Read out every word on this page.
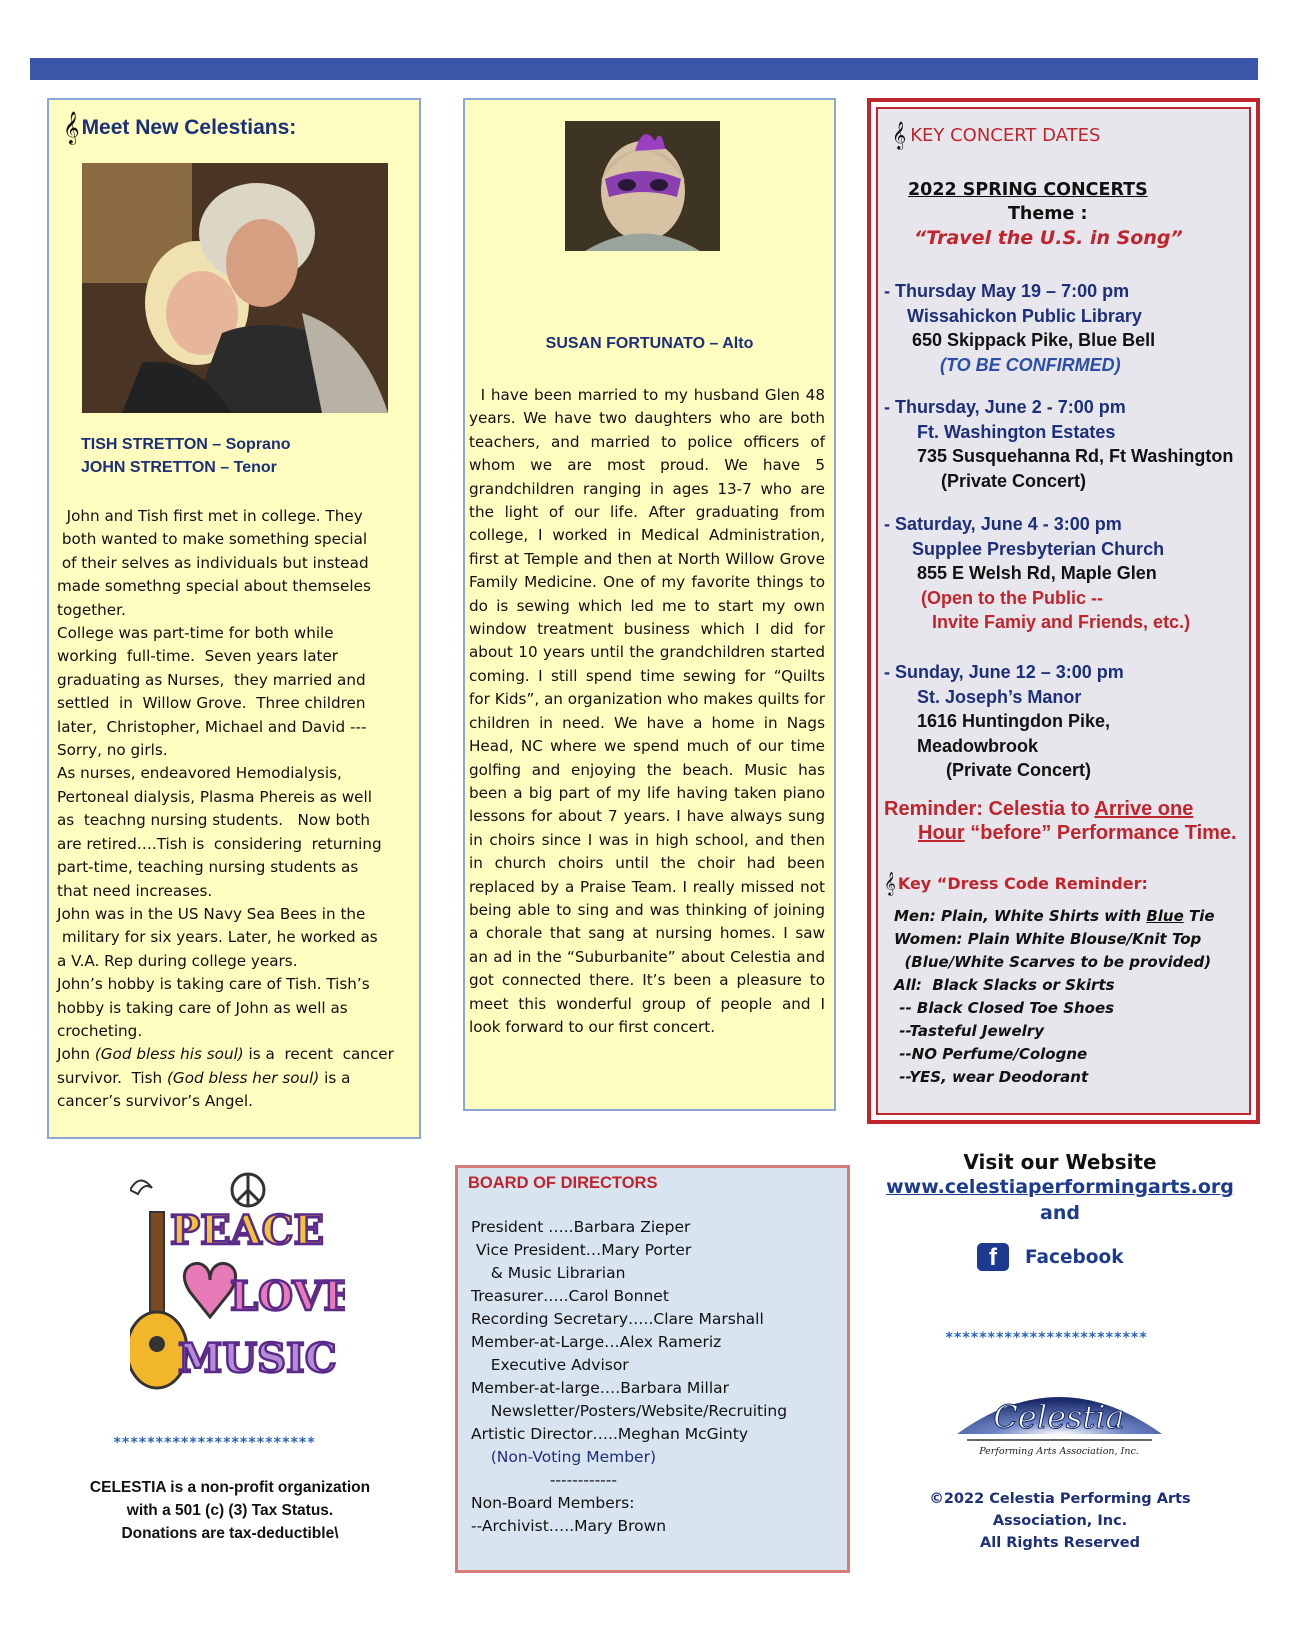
𝄞 Meet New Celestians:
TISH STRETTON – Soprano
JOHN STRETTON – Tenor
John and Tish first met in college. They
both wanted to make something special
of their selves as individuals but instead
made somethng special about themseles
together.
College was part-time for both while
working  full-time.  Seven years later
graduating as Nurses,  they married and
settled  in  Willow Grove.  Three children
later,  Christopher, Michael and David ---
Sorry, no girls.
As nurses, endeavored Hemodialysis,
Pertoneal dialysis, Plasma Phereis as well
as  teachng nursing students.   Now both
are retired….Tish is  considering  returning
part-time, teaching nursing students as
that need increases.
John was in the US Navy Sea Bees in the
military for six years. Later, he worked as
a V.A. Rep during college years.
John’s hobby is taking care of Tish. Tish’s
hobby is taking care of John as well as
crocheting.
John (God bless his soul) is a  recent  cancer
survivor.  Tish (God bless her soul) is a
cancer’s survivor’s Angel.
SUSAN FORTUNATO – Alto
I have been married to my husband Glen 48 years. We have two daughters who are both teachers, and married to police officers of whom we are most proud. We have 5 grandchildren ranging in ages 13-7 who are the light of our life. After graduating from college, I worked in Medical Administration, first at Temple and then at North Willow Grove Family Medicine. One of my favorite things to do is sewing which led me to start my own window treatment business which I did for about 10 years until the grandchildren started coming. I still spend time sewing for “Quilts for Kids”, an organization who makes quilts for children in need. We have a home in Nags Head, NC where we spend much of our time golfing and enjoying the beach. Music has been a big part of my life having taken piano lessons for about 7 years. I have always sung in choirs since I was in high school, and then in church choirs until the choir had been replaced by a Praise Team. I really missed not being able to sing and was thinking of joining a chorale that sang at nursing homes. I saw an ad in the “Suburbanite” about Celestia and got connected there. It’s been a pleasure to meet this wonderful group of people and I look forward to our first concert.
𝄞 KEY CONCERT DATES
2022 SPRING CONCERTS
Theme :
“Travel the U.S. in Song”
- Thursday May 19 – 7:00 pm
Wissahickon Public Library
650 Skippack Pike, Blue Bell
(TO BE CONFIRMED)
- Thursday, June 2 - 7:00 pm
Ft. Washington Estates
735 Susquehanna Rd, Ft Washington
(Private Concert)
- Saturday, June 4 - 3:00 pm
Supplee Presbyterian Church
855 E Welsh Rd, Maple Glen
(Open to the Public --
Invite Famiy and Friends, etc.)
- Sunday, June 12 – 3:00 pm
St. Joseph’s Manor
1616 Huntingdon Pike, Meadowbrook
(Private Concert)
Reminder: Celestia to Arrive one
Hour “before” Performance Time.
𝄞 Key “Dress Code Reminder:
Men: Plain, White Shirts with Blue Tie
Women: Plain White Blouse/Knit Top
(Blue/White Scarves to be provided)
All:  Black Slacks or Skirts
-- Black Closed Toe Shoes
--Tasteful Jewelry
--NO Perfume/Cologne
--YES, wear Deodorant
PEACE
LOVE
MUSIC
************************
CELESTIA is a non-profit organization
with a 501 (c) (3) Tax Status.
Donations are tax-deductible\
BOARD OF DIRECTORS
President …..Barbara Zieper
Vice President…Mary Porter
& Music Librarian
Treasurer…..Carol Bonnet
Recording Secretary…..Clare Marshall
Member-at-Large…Alex Rameriz
Executive Advisor
Member-at-large….Barbara Millar
Newsletter/Posters/Website/Recruiting
Artistic Director…..Meghan McGinty
(Non-Voting Member)
------------
Non-Board Members:
--Archivist…..Mary Brown
Visit our Website
www.celestiaperformingarts.org
and
f	Facebook
************************
Celestia
Performing Arts Association, Inc.
©2022 Celestia Performing Arts Association, Inc.
All Rights Reserved
